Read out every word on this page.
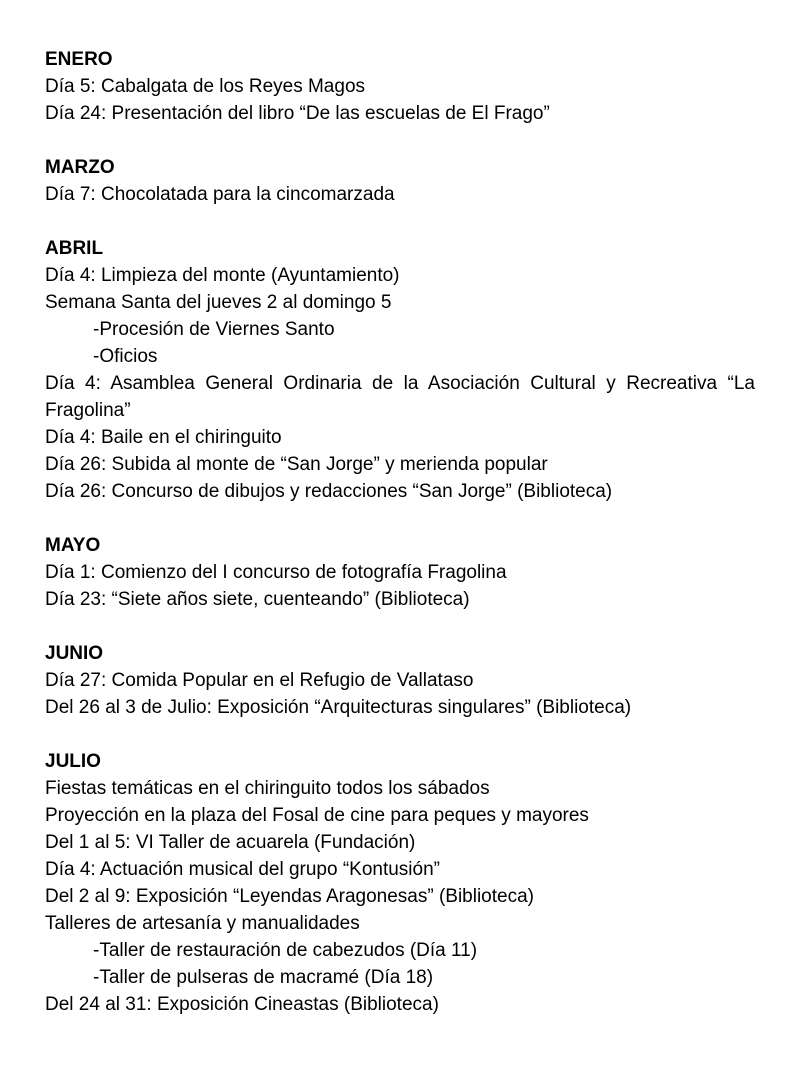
ENERO

Día 5: Cabalgata de los Reyes Magos

Día 24: Presentación del libro “De las escuelas de El Frago”

MARZO

Día 7: Chocolatada para la cincomarzada

ABRIL

Día 4: Limpieza del monte (Ayuntamiento)

Semana Santa del jueves 2 al domingo 5

-Procesión de Viernes Santo

-Oficios

Día 4: Asamblea General Ordinaria de la Asociación Cultural y Recreativa “La Fragolina”

Día 4: Baile en el chiringuito

Día 26: Subida al monte de “San Jorge” y merienda popular

Día 26: Concurso de dibujos y redacciones “San Jorge” (Biblioteca)

MAYO

Día 1: Comienzo del I concurso de fotografía Fragolina

Día 23: “Siete años siete, cuenteando” (Biblioteca)

JUNIO

Día 27: Comida Popular en el Refugio de Vallataso

Del 26 al 3 de Julio: Exposición “Arquitecturas singulares” (Biblioteca)

JULIO

Fiestas temáticas en el chiringuito todos los sábados

Proyección en la plaza del Fosal de cine para peques y mayores

Del 1 al 5: VI Taller de acuarela (Fundación)

Día 4: Actuación musical del grupo “Kontusión”

Del 2 al 9: Exposición “Leyendas Aragonesas” (Biblioteca)

Talleres de artesanía y manualidades

-Taller de restauración de cabezudos (Día 11)

-Taller de pulseras de macramé (Día 18)

Del 24 al 31: Exposición Cineastas (Biblioteca)
